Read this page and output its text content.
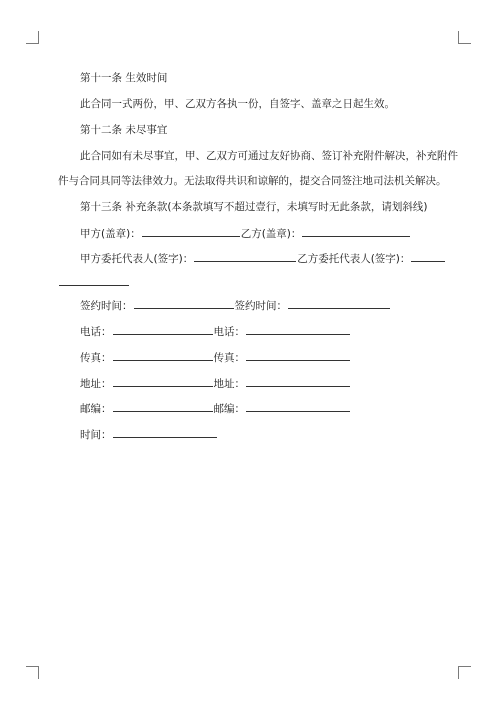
第十一条 生效时间
此合同一式两份，甲、乙双方各执一份，自签字、盖章之日起生效。
第十二条 未尽事宜
此合同如有未尽事宜，甲、乙双方可通过友好协商、签订补充附件解决，补充附件
件与合同具同等法律效力。无法取得共识和谅解的，提交合同签注地司法机关解决。
第十三条 补充条款(本条款填写不超过壹行，未填写时无此条款，请划斜线)
甲方(盖章)：	乙方(盖章)：
甲方委托代表人(签字)：	乙方委托代表人(签字)：
签约时间：	签约时间：
电话：	电话：
传真：	传真：
地址：	地址：
邮编：	邮编：
时间：
